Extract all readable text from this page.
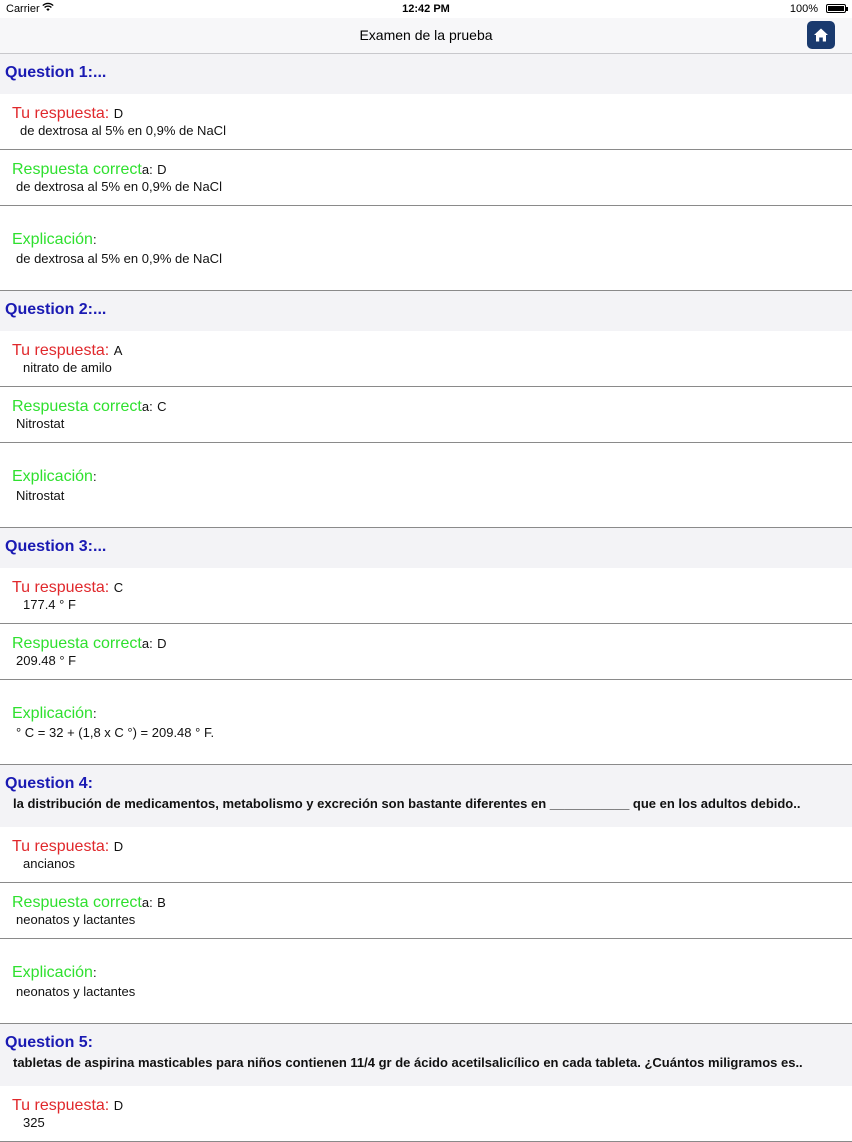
Carrier	12:42 PM	100%
Examen de la prueba
Question 1:...
Tu respuesta: D
de dextrosa al 5% en 0,9% de NaCl
Respuesta correcta: D
de dextrosa al 5% en 0,9% de NaCl
Explicación:
de dextrosa al 5% en 0,9% de NaCl
Question 2:...
Tu respuesta: A
nitrato de amilo
Respuesta correcta: C
Nitrostat
Explicación:
Nitrostat
Question 3:...
Tu respuesta: C
177.4 ° F
Respuesta correcta: D
209.48 ° F
Explicación:
° C = 32 + (1,8 x C °) = 209.48 ° F.
Question 4:
la distribución de medicamentos, metabolismo y excreción son bastante diferentes en ___________ que en los adultos debido..
Tu respuesta: D
ancianos
Respuesta correcta: B
neonatos y lactantes
Explicación:
neonatos y lactantes
Question 5:
tabletas de aspirina masticables para niños contienen 11/4 gr de ácido acetilsalicílico en cada tableta. ¿Cuántos miligramos es..
Tu respuesta: D
325
